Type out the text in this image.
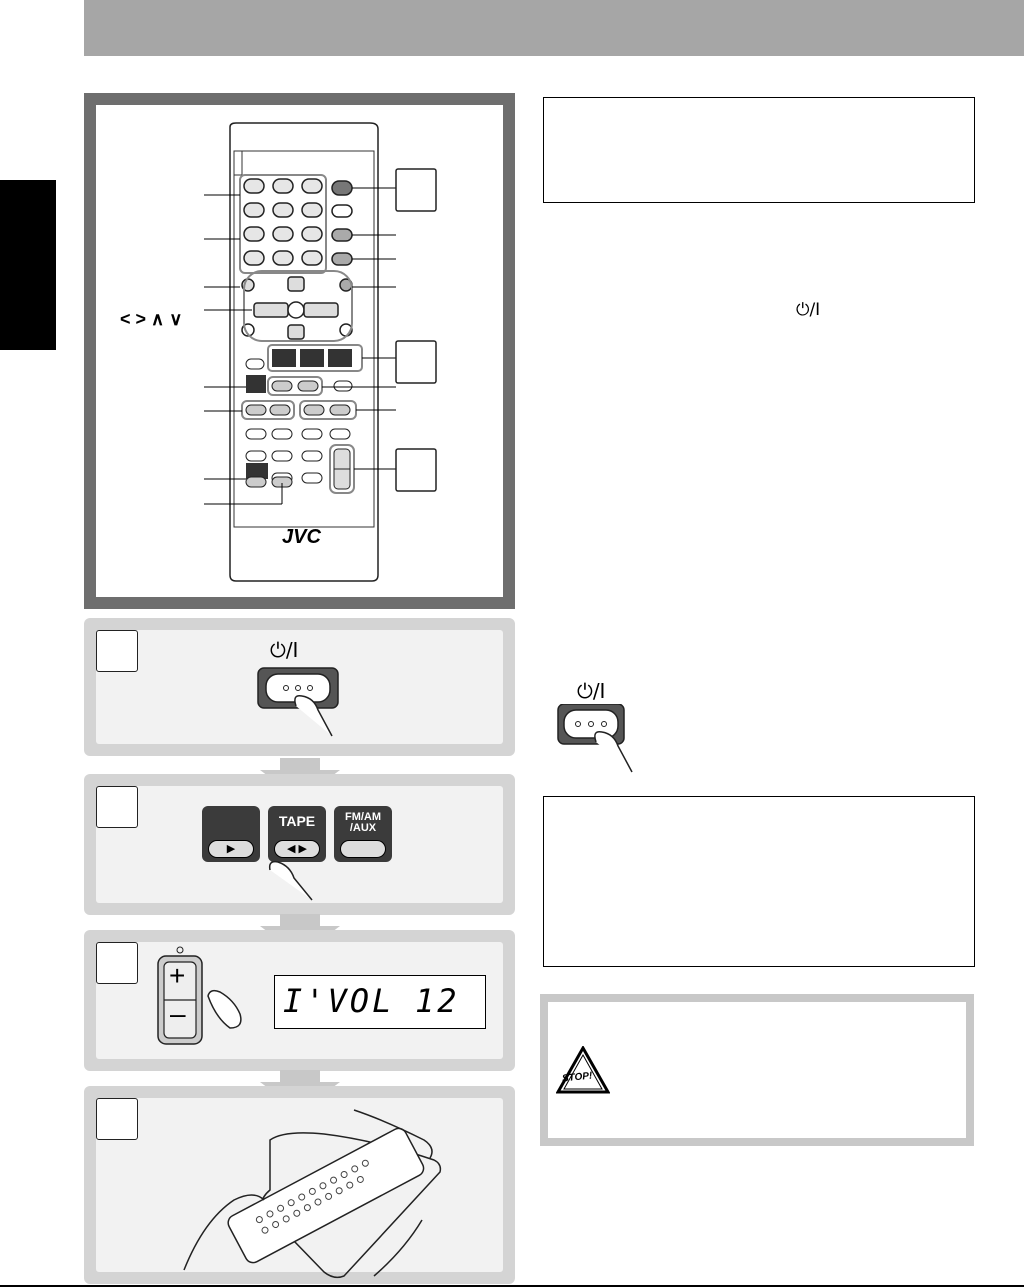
< > ∧ ∨
JVC
⏻/I
▶
TAPE
◀ ▶
FM/AM
/AUX
+
–	I'VOL 12
⏻/I
⏻/I
STOP!
